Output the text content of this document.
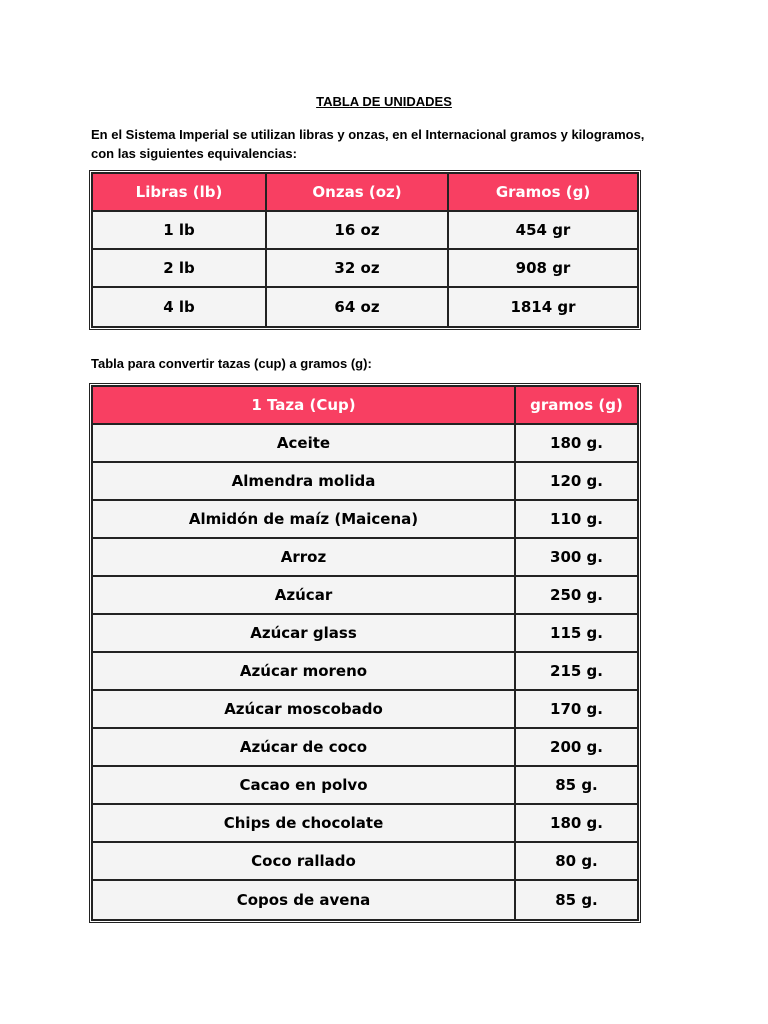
TABLA DE UNIDADES
En el Sistema Imperial se utilizan libras y onzas, en el Internacional gramos y kilogramos, con las siguientes equivalencias:
Libras (lb)	Onzas (oz)	Gramos (g)
1 lb	16 oz	454 gr
2 lb	32 oz	908 gr
4 lb	64 oz	1814 gr
Tabla para convertir tazas (cup) a gramos (g):
1 Taza (Cup)	gramos (g)
Aceite	180 g.
Almendra molida	120 g.
Almidón de maíz (Maicena)	110 g.
Arroz	300 g.
Azúcar	250 g.
Azúcar glass	115 g.
Azúcar moreno	215 g.
Azúcar moscobado	170 g.
Azúcar de coco	200 g.
Cacao en polvo	85 g.
Chips de chocolate	180 g.
Coco rallado	80 g.
Copos de avena	85 g.
